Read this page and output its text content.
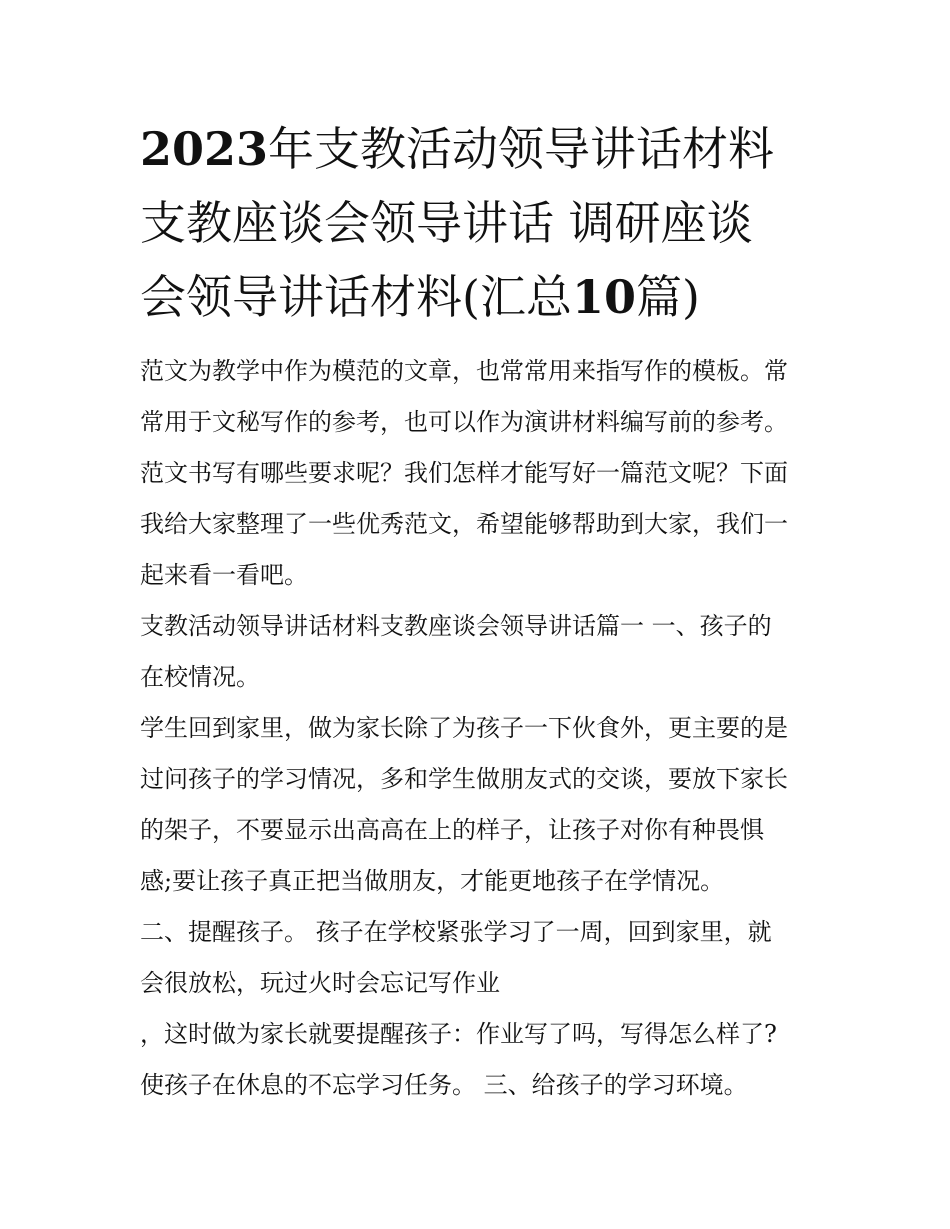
2023年支教活动领导讲话材料
支教座谈会领导讲话 调研座谈
会领导讲话材料(汇总10篇)
范文为教学中作为模范的文章，也常常用来指写作的模板。常
常用于文秘写作的参考，也可以作为演讲材料编写前的参考。
范文书写有哪些要求呢？我们怎样才能写好一篇范文呢？下面
我给大家整理了一些优秀范文，希望能够帮助到大家，我们一
起来看一看吧。
支教活动领导讲话材料支教座谈会领导讲话篇一 一、孩子的
在校情况。
学生回到家里，做为家长除了为孩子一下伙食外，更主要的是
过问孩子的学习情况，多和学生做朋友式的交谈，要放下家长
的架子，不要显示出高高在上的样子，让孩子对你有种畏惧
感;要让孩子真正把当做朋友，才能更地孩子在学情况。
二、提醒孩子。 孩子在学校紧张学习了一周，回到家里，就
会很放松，玩过火时会忘记写作业
，这时做为家长就要提醒孩子：作业写了吗，写得怎么样了?
使孩子在休息的不忘学习任务。 三、给孩子的学习环境。
